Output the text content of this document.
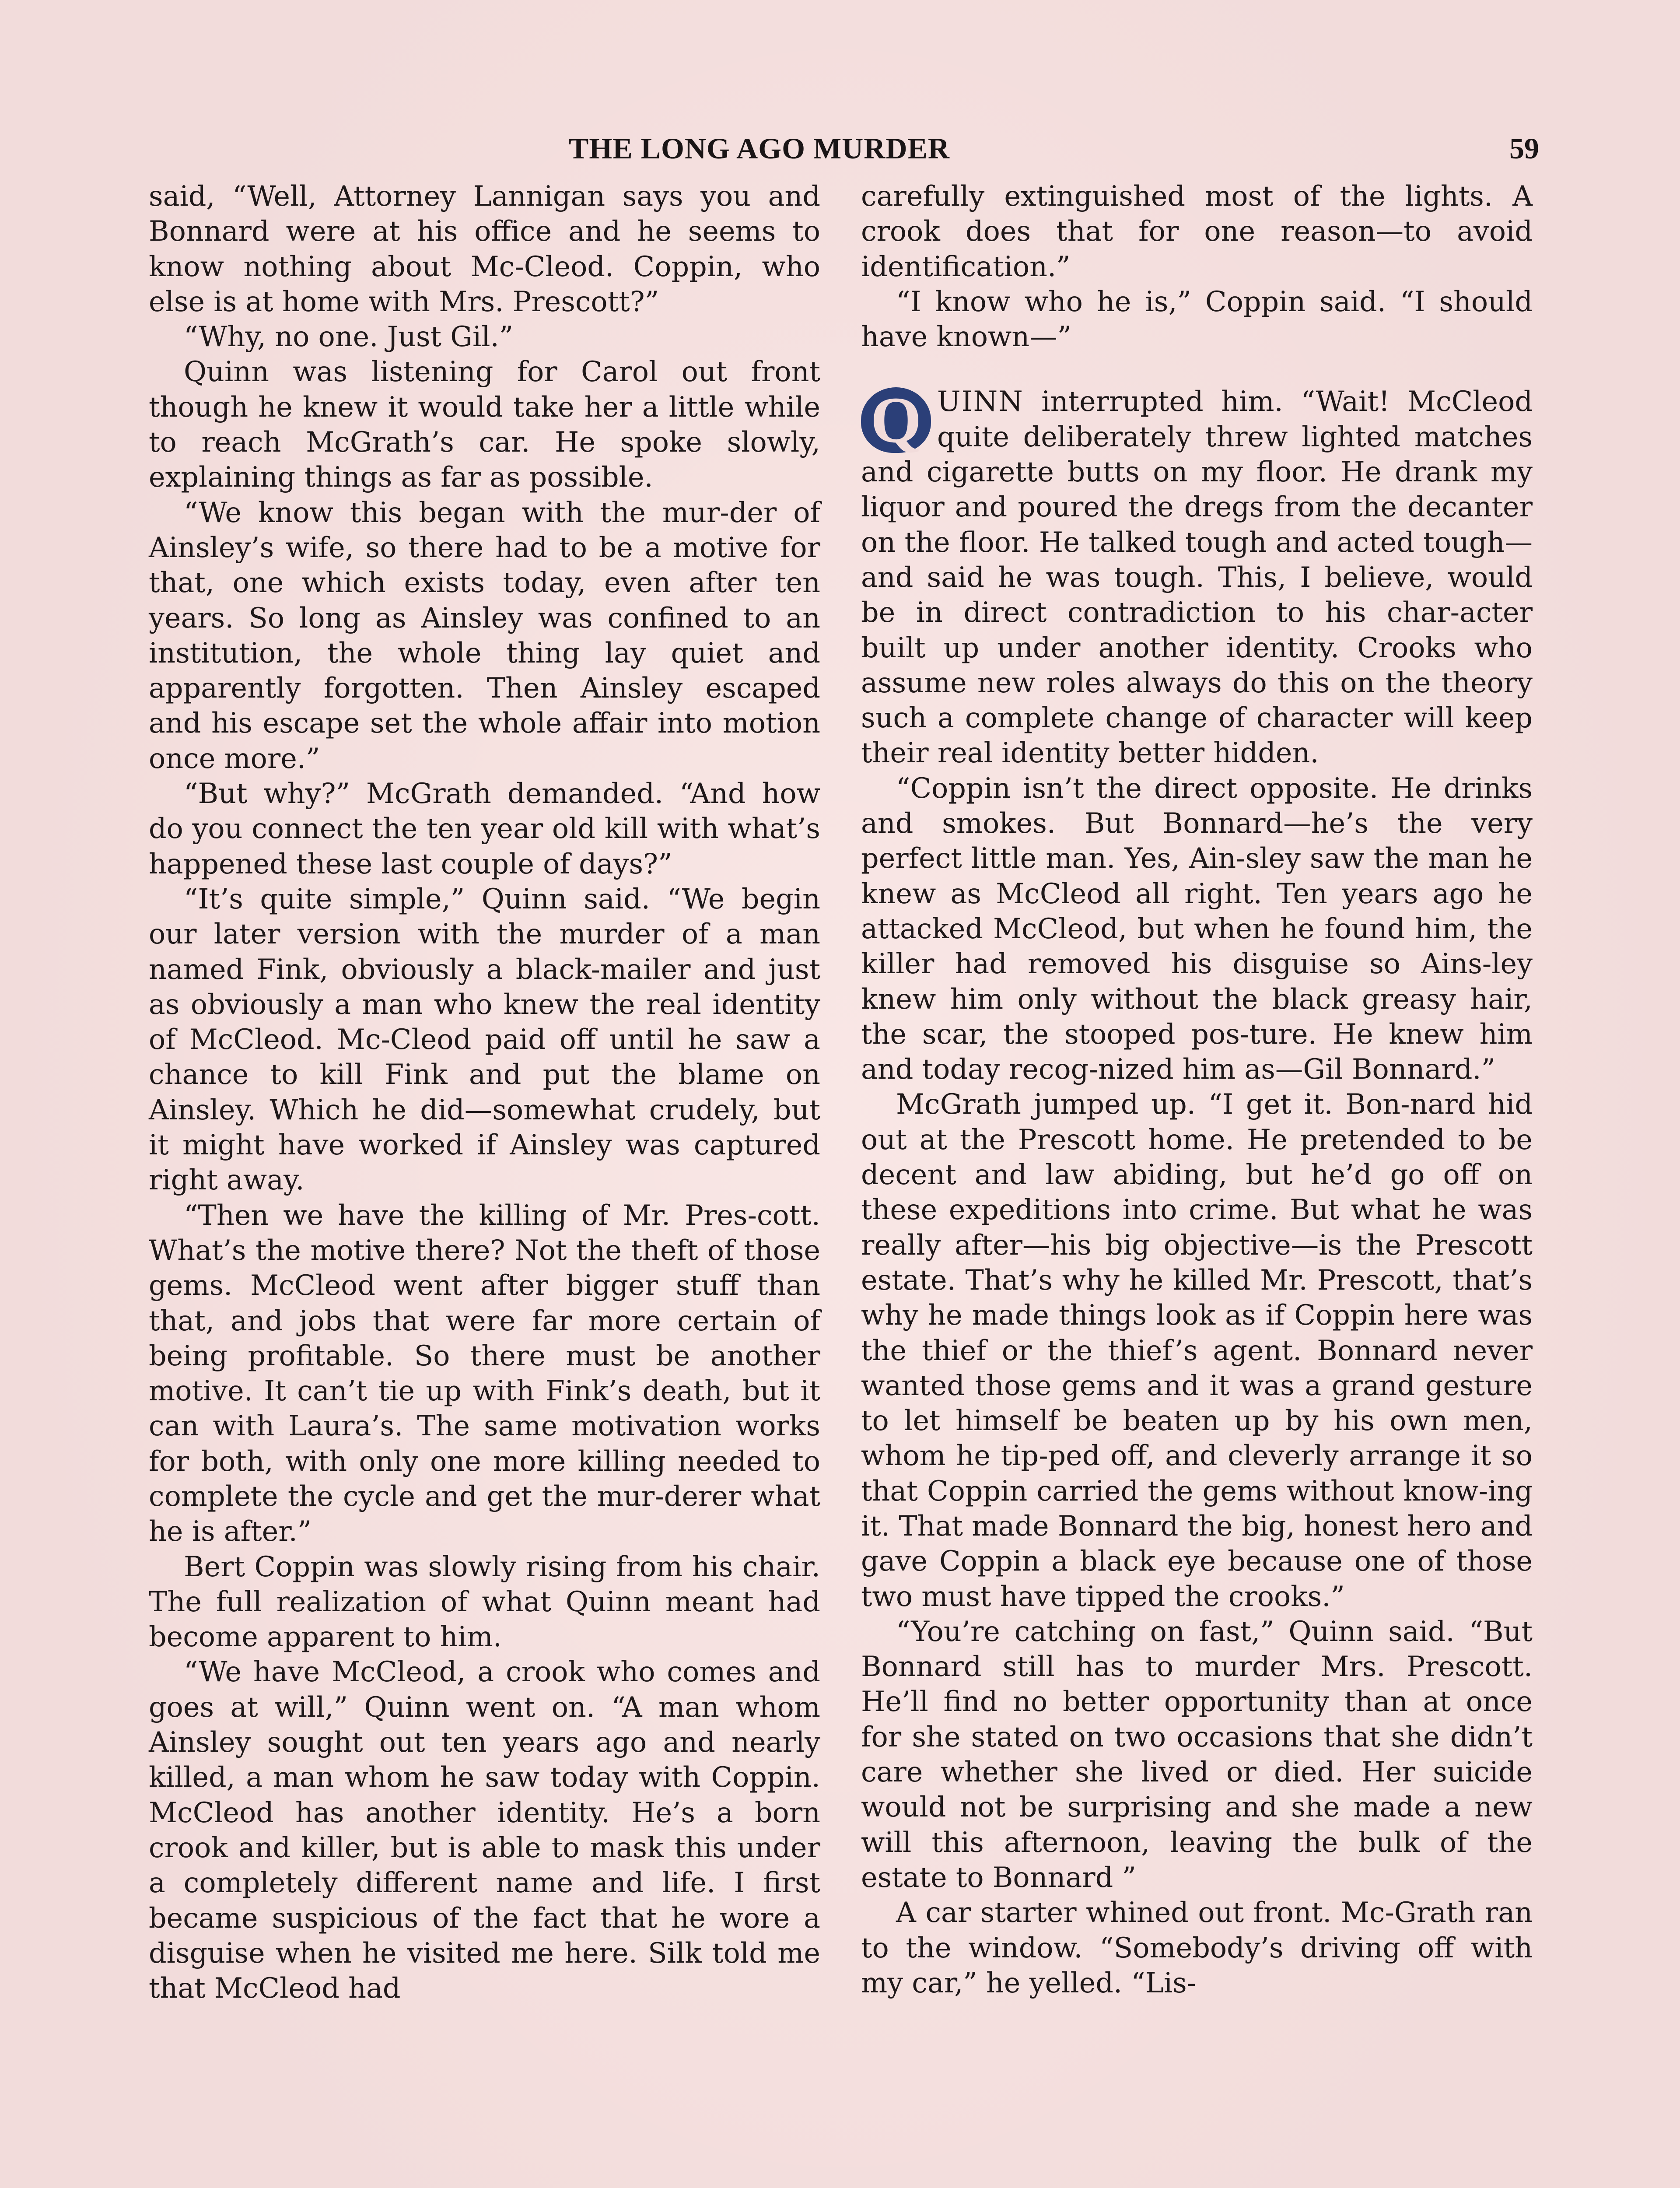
THE LONG AGO MURDER	59

said, “Well, Attorney Lannigan says you and Bonnard were at his office and he seems to know nothing about Mc-Cleod. Coppin, who else is at home with Mrs. Prescott?”

“Why, no one. Just Gil.”

Quinn was listening for Carol out front though he knew it would take her a little while to reach McGrath’s car. He spoke slowly, explaining things as far as possible.

“We know this began with the mur-der of Ainsley’s wife, so there had to be a motive for that, one which exists today, even after ten years. So long as Ainsley was confined to an institution, the whole thing lay quiet and apparently forgotten. Then Ainsley escaped and his escape set the whole affair into motion once more.”

“But why?” McGrath demanded. “And how do you connect the ten year old kill with what’s happened these last couple of days?”

“It’s quite simple,” Quinn said. “We begin our later version with the murder of a man named Fink, obviously a black-mailer and just as obviously a man who knew the real identity of McCleod. Mc-Cleod paid off until he saw a chance to kill Fink and put the blame on Ainsley. Which he did—somewhat crudely, but it might have worked if Ainsley was captured right away.

“Then we have the killing of Mr. Pres-cott. What’s the motive there? Not the theft of those gems. McCleod went after bigger stuff than that, and jobs that were far more certain of being profitable. So there must be another motive. It can’t tie up with Fink’s death, but it can with Laura’s. The same motivation works for both, with only one more killing needed to complete the cycle and get the mur-derer what he is after.”

Bert Coppin was slowly rising from his chair. The full realization of what Quinn meant had become apparent to him.

“We have McCleod, a crook who comes and goes at will,” Quinn went on. “A man whom Ainsley sought out ten years ago and nearly killed, a man whom he saw today with Coppin. McCleod has another identity. He’s a born crook and killer, but is able to mask this under a completely different name and life. I first became suspicious of the fact that he wore a disguise when he visited me here. Silk told me that McCleod had

carefully extinguished most of the lights. A crook does that for one reason—to avoid identification.”

“I know who he is,” Coppin said. “I should have known—”

Q UINN interrupted him. “Wait! McCleod quite deliberately threw lighted matches and cigarette butts on my floor. He drank my liquor and poured the dregs from the decanter on the floor. He talked tough and acted tough—and said he was tough. This, I believe, would be in direct contradiction to his char-acter built up under another identity. Crooks who assume new roles always do this on the theory such a complete change of character will keep their real identity better hidden.

“Coppin isn’t the direct opposite. He drinks and smokes. But Bonnard—he’s the very perfect little man. Yes, Ain-sley saw the man he knew as McCleod all right. Ten years ago he attacked McCleod, but when he found him, the killer had removed his disguise so Ains-ley knew him only without the black greasy hair, the scar, the stooped pos-ture. He knew him and today recog-nized him as—Gil Bonnard.”

McGrath jumped up. “I get it. Bon-nard hid out at the Prescott home. He pretended to be decent and law abiding, but he’d go off on these expeditions into crime. But what he was really after—his big objective—is the Prescott estate. That’s why he killed Mr. Prescott, that’s why he made things look as if Coppin here was the thief or the thief’s agent. Bonnard never wanted those gems and it was a grand gesture to let himself be beaten up by his own men, whom he tip-ped off, and cleverly arrange it so that Coppin carried the gems without know-ing it. That made Bonnard the big, honest hero and gave Coppin a black eye because one of those two must have tipped the crooks.”

“You’re catching on fast,” Quinn said. “But Bonnard still has to murder Mrs. Prescott. He’ll find no better opportunity than at once for she stated on two occasions that she didn’t care whether she lived or died. Her suicide would not be surprising and she made a new will this afternoon, leaving the bulk of the estate to Bonnard ”

A car starter whined out front. Mc-Grath ran to the window. “Somebody’s driving off with my car,” he yelled. “Lis-
